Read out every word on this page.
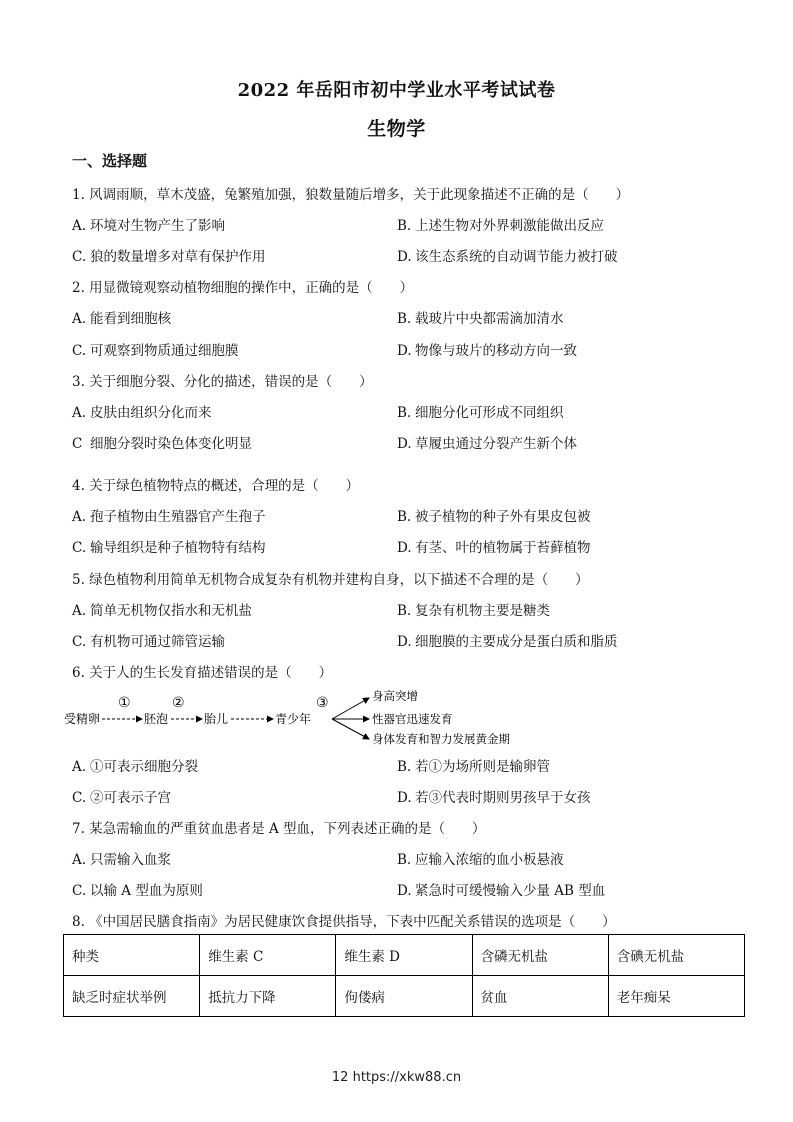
2022 年岳阳市初中学业水平考试试卷
生物学
一、选择题
1. 风调雨顺，草木茂盛，兔繁殖加强，狼数量随后增多，关于此现象描述不正确的是（　　）
A. 环境对生物产生了影响	B. 上述生物对外界刺激能做出反应
C. 狼的数量增多对草有保护作用	D. 该生态系统的自动调节能力被打破
2. 用显微镜观察动植物细胞的操作中，正确的是（　　）
A. 能看到细胞核	B. 载玻片中央都需滴加清水
C. 可观察到物质通过细胞膜	D. 物像与玻片的移动方向一致
3. 关于细胞分裂、分化的描述，错误的是（　　）
A. 皮肤由组织分化而来	B. 细胞分化可形成不同组织
C 细胞分裂时染色体变化明显	D. 草履虫通过分裂产生新个体
4. 关于绿色植物特点的概述，合理的是（　　）
A. 孢子植物由生殖器官产生孢子	B. 被子植物的种子外有果皮包被
C. 输导组织是种子植物特有结构	D. 有茎、叶的植物属于苔藓植物
5. 绿色植物利用简单无机物合成复杂有机物并建构自身，以下描述不合理的是（　　）
A. 简单无机物仅指水和无机盐	B. 复杂有机物主要是糖类
C. 有机物可通过筛管运输	D. 细胞膜的主要成分是蛋白质和脂质
6. 关于人的生长发育描述错误的是（　　）
受精卵	胚泡	胎儿	青少年
①	②	③	身高突增
性器官迅速发育
身体发育和智力发展黄金期
A. ①可表示细胞分裂	B. 若①为场所则是输卵管
C. ②可表示子宫	D. 若③代表时期则男孩早于女孩
7. 某急需输血的严重贫血患者是 A 型血，下列表述正确的是（　　）
A. 只需输入血浆	B. 应输入浓缩的血小板悬液
C. 以输 A 型血为原则	D. 紧急时可缓慢输入少量 AB 型血
8. 《中国居民膳食指南》为居民健康饮食提供指导，下表中匹配关系错误的选项是（　　）
种类	维生素 C	维生素 D	含磷无机盐	含碘无机盐
缺乏时症状举例	抵抗力下降	佝偻病	贫血	老年痴呆
12 https://xkw88.cn
